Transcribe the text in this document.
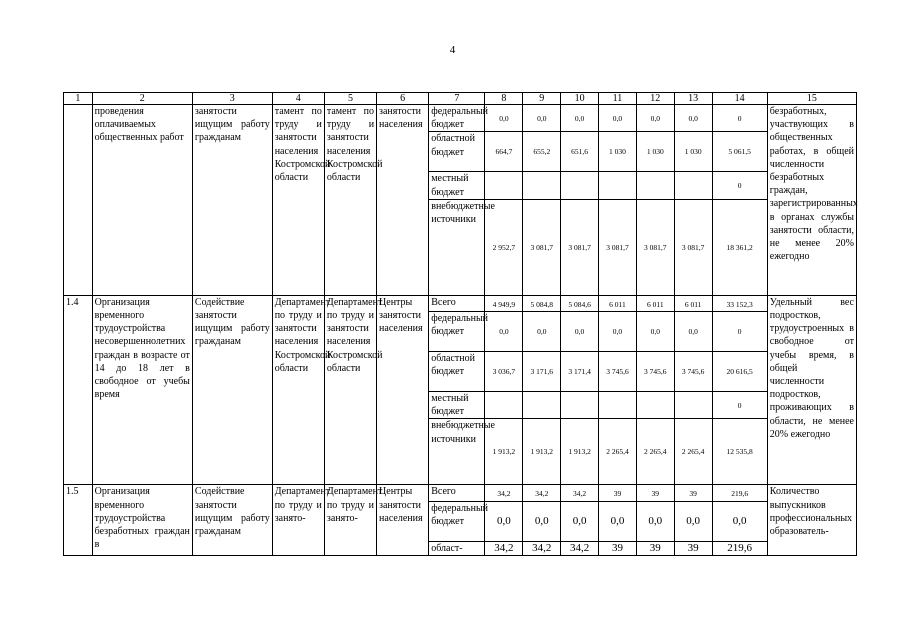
4
1	2	3	4	5	6	7	8	9	10	11	12	13	14	15
	проведения оплачиваемых общественных работ	занятости ищущим работу гражданам	тамент по труду и занятости населения Костромской области	тамент по труду и занятости населения Костромской области	занятости населения	федеральный бюджет	0,0	0,0	0,0	0,0	0,0	0,0	0	безработных, участвующих в общественных работах, в общей численности безработных граждан, зарегистрированных в органах службы занятости области, не менее 20% ежегодно
						областной бюджет	664,7	655,2	651,6	1 030	1 030	1 030	5 061,5	
						местный бюджет							0	
						внебюджетные источники	2 952,7	3 081,7	3 081,7	3 081,7	3 081,7	3 081,7	18 361,2	
1.4	Организация временного трудоустройства несовершеннолетних граждан в возрасте от 14 до 18 лет в свободное от учебы время	Содействие занятости ищущим работу гражданам	Департамент по труду и занятости населения Костромской области	Департамент по труду и занятости населения Костромской области	Центры занятости населения	Всего	4 949,9	5 084,8	5 084,6	6 011	6 011	6 011	33 152,3	Удельный вес подростков, трудоустроенных в свободное от учебы время, в общей численности подростков, проживающих в области, не менее 20% ежегодно
						федеральный бюджет	0,0	0,0	0,0	0,0	0,0	0,0	0	
						областной бюджет	3 036,7	3 171,6	3 171,4	3 745,6	3 745,6	3 745,6	20 616,5	
						местный бюджет							0	
						внебюджетные источники	1 913,2	1 913,2	1 913,2	2 265,4	2 265,4	2 265,4	12 535,8	
1.5	Организация временного трудоустройства безработных граждан в	Содействие занятости ищущим работу гражданам	Департамент по труду и занято-	Департамент по труду и занято-	Центры занятости населения	Всего	34,2	34,2	34,2	39	39	39	219,6	Количество выпускников профессиональных образователь-
						федеральный бюджет	0,0	0,0	0,0	0,0	0,0	0,0	0,0	
						област-	34,2	34,2	34,2	39	39	39	219,6	
